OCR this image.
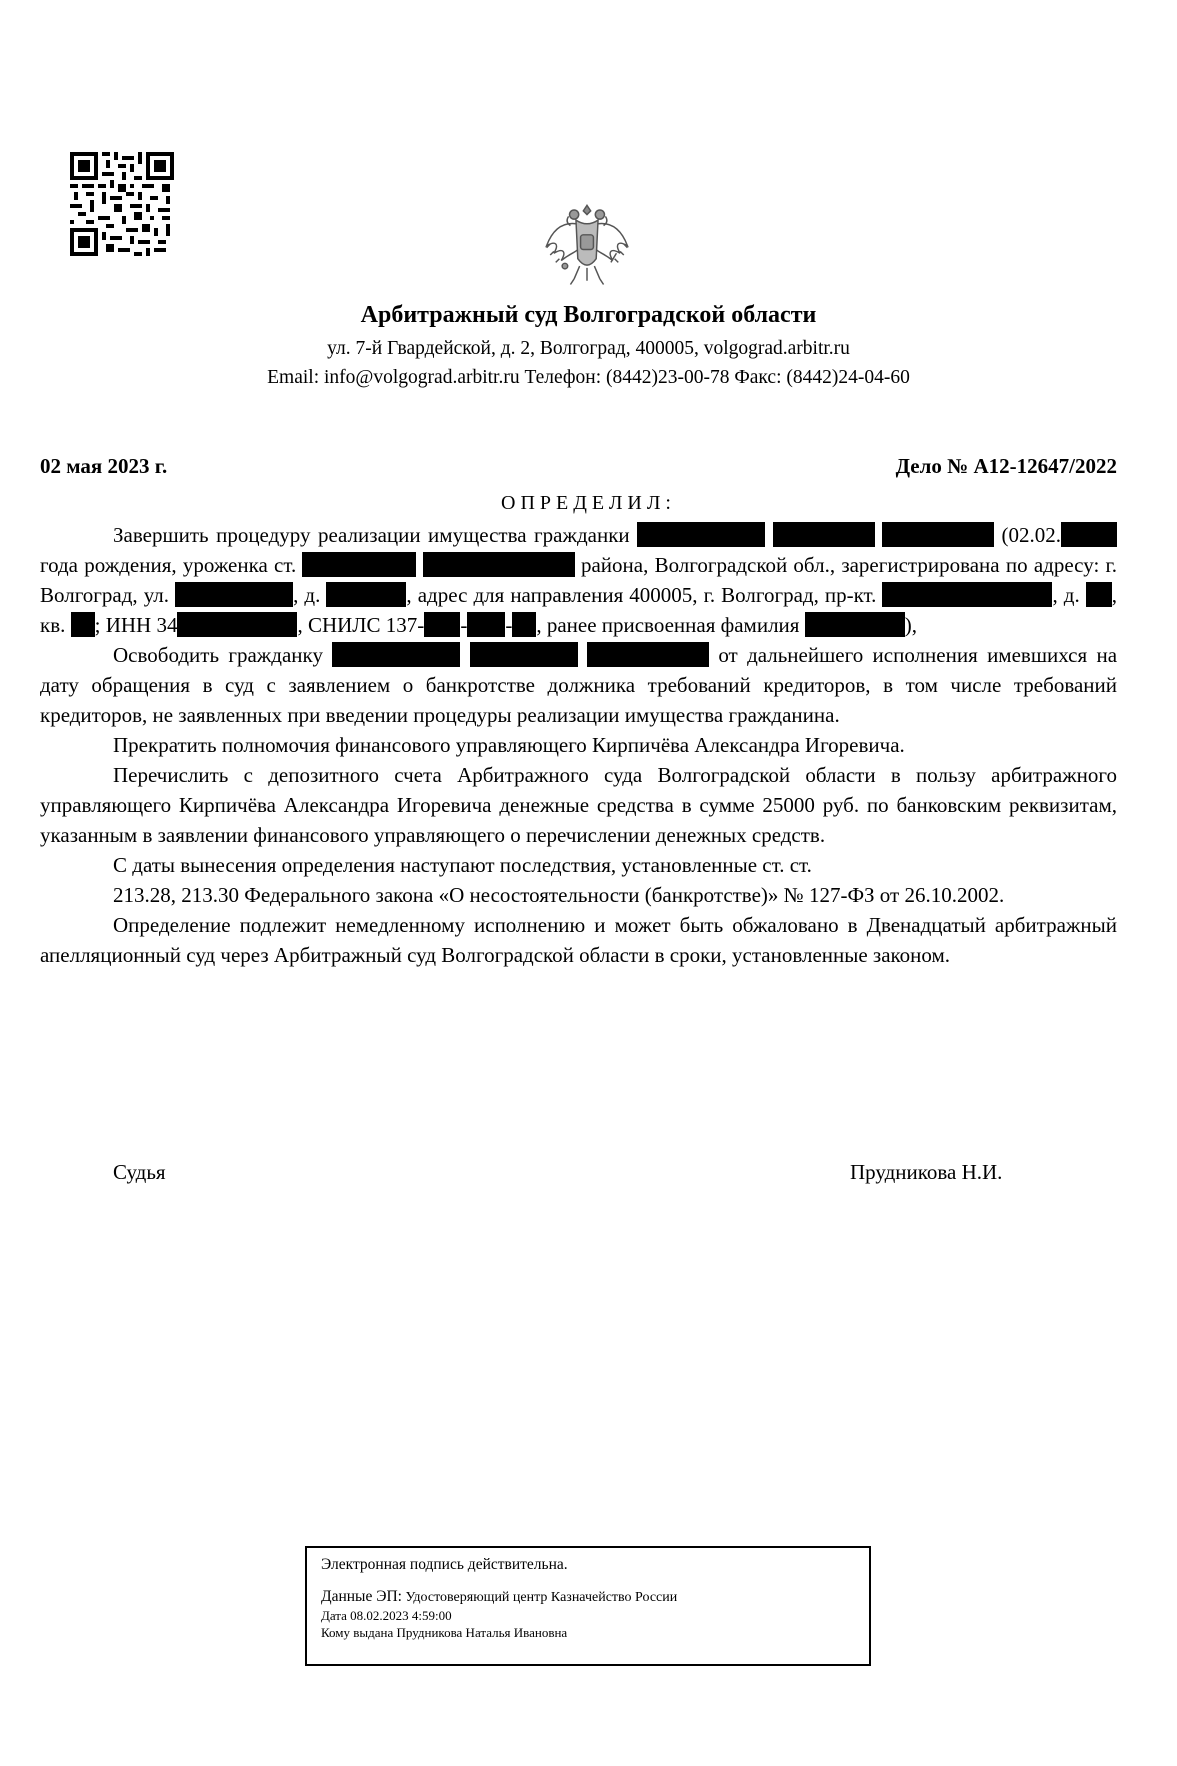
Арбитражный суд Волгоградской области
ул. 7-й Гвардейской, д. 2, Волгоград, 400005, volgograd.arbitr.ru
Email: info@volgograd.arbitr.ru Телефон: (8442)23-00-78 Факс: (8442)24-04-60
02 мая 2023 г.	Дело № А12-12647/2022
ОПРЕДЕЛИЛ:

Завершить процедуру реализации имущества гражданки	(02.02. года рождения, уроженка ст.	района, Волгоградской обл., зарегистрирована по адресу: г. Волгоград, ул.	, д.	, адрес для направления 400005, г. Волгоград, пр-кт.	, д. , кв. ; ИНН 34	, СНИЛС 137- - - , ранее присвоенная фамилия	),

Освободить гражданку	от дальнейшего исполнения имевшихся на дату обращения в суд с заявлением о банкротстве должника требований кредиторов, в том числе требований кредиторов, не заявленных при введении процедуры реализации имущества гражданина.

Прекратить полномочия финансового управляющего Кирпичёва Александра Игоревича.

Перечислить с депозитного счета Арбитражного суда Волгоградской области в пользу арбитражного управляющего Кирпичёва Александра Игоревича денежные средства в сумме 25000 руб. по банковским реквизитам, указанным в заявлении финансового управляющего о перечислении денежных средств.

С даты вынесения определения наступают последствия, установленные ст. ст.

213.28, 213.30 Федерального закона «О несостоятельности (банкротстве)» № 127-ФЗ от 26.10.2002.

Определение подлежит немедленному исполнению и может быть обжаловано в Двенадцатый арбитражный апелляционный суд через Арбитражный суд Волгоградской области в сроки, установленные законом.

Судья	Прудникова Н.И.
Электронная подпись действительна.
Данные ЭП: Удостоверяющий центр Казначейство России
Дата 08.02.2023 4:59:00
Кому выдана Прудникова Наталья Ивановна
